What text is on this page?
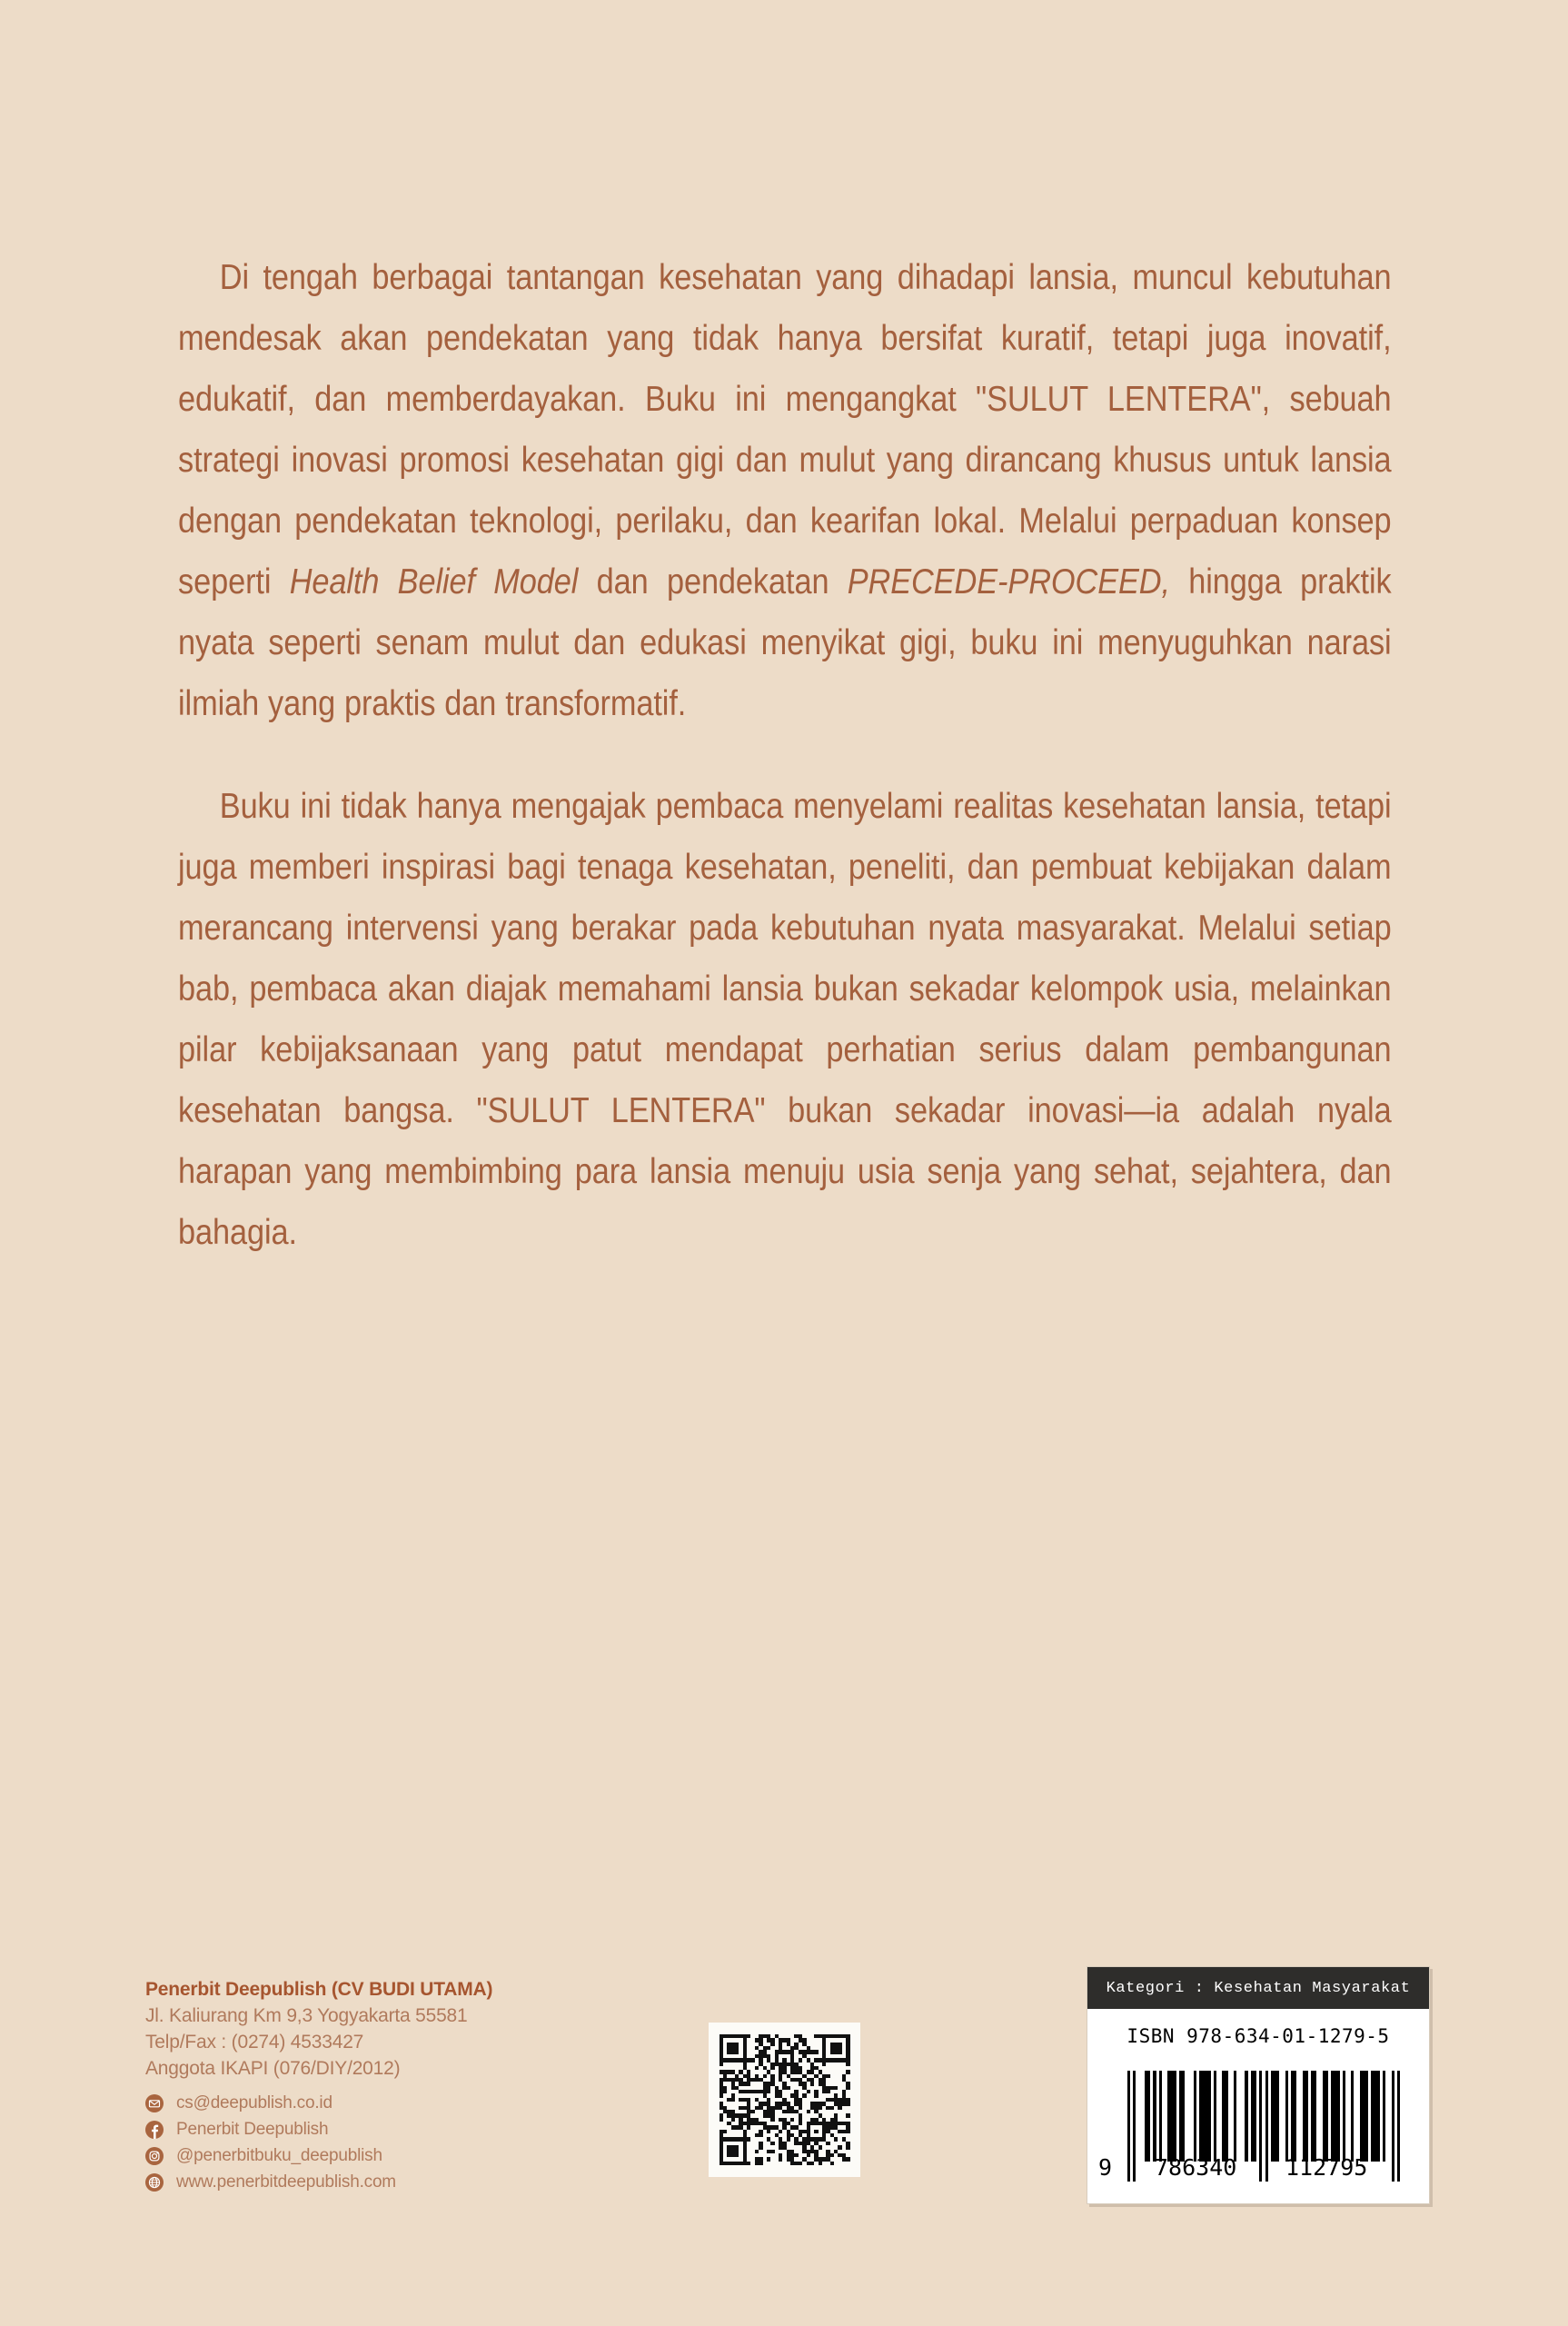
Di tengah berbagai tantangan kesehatan yang dihadapi lansia, muncul kebutuhan mendesak akan pendekatan yang tidak hanya bersifat kuratif, tetapi juga inovatif, edukatif, dan memberdayakan. Buku ini mengangkat "SULUT LENTERA", sebuah strategi inovasi promosi kesehatan gigi dan mulut yang dirancang khusus untuk lansia dengan pendekatan teknologi, perilaku, dan kearifan lokal. Melalui perpaduan konsep seperti Health Belief Model dan pendekatan PRECEDE-PROCEED, hingga praktik nyata seperti senam mulut dan edukasi menyikat gigi, buku ini menyuguhkan narasi ilmiah yang praktis dan transformatif.

Buku ini tidak hanya mengajak pembaca menyelami realitas kesehatan lansia, tetapi juga memberi inspirasi bagi tenaga kesehatan, peneliti, dan pembuat kebijakan dalam merancang intervensi yang berakar pada kebutuhan nyata masyarakat. Melalui setiap bab, pembaca akan diajak memahami lansia bukan sekadar kelompok usia, melainkan pilar kebijaksanaan yang patut mendapat perhatian serius dalam pembangunan kesehatan bangsa. "SULUT LENTERA" bukan sekadar inovasi—ia adalah nyala harapan yang membimbing para lansia menuju usia senja yang sehat, sejahtera, dan bahagia.

Penerbit Deepublish (CV BUDI UTAMA)
Jl. Kaliurang Km 9,3 Yogyakarta 55581
Telp/Fax : (0274) 4533427
Anggota IKAPI (076/DIY/2012)
cs@deepublish.co.id
Penerbit Deepublish
@penerbitbuku_deepublish
www.penerbitdeepublish.com
Kategori : Kesehatan Masyarakat
ISBN 978-634-01-1279-5
9 786340 112795
